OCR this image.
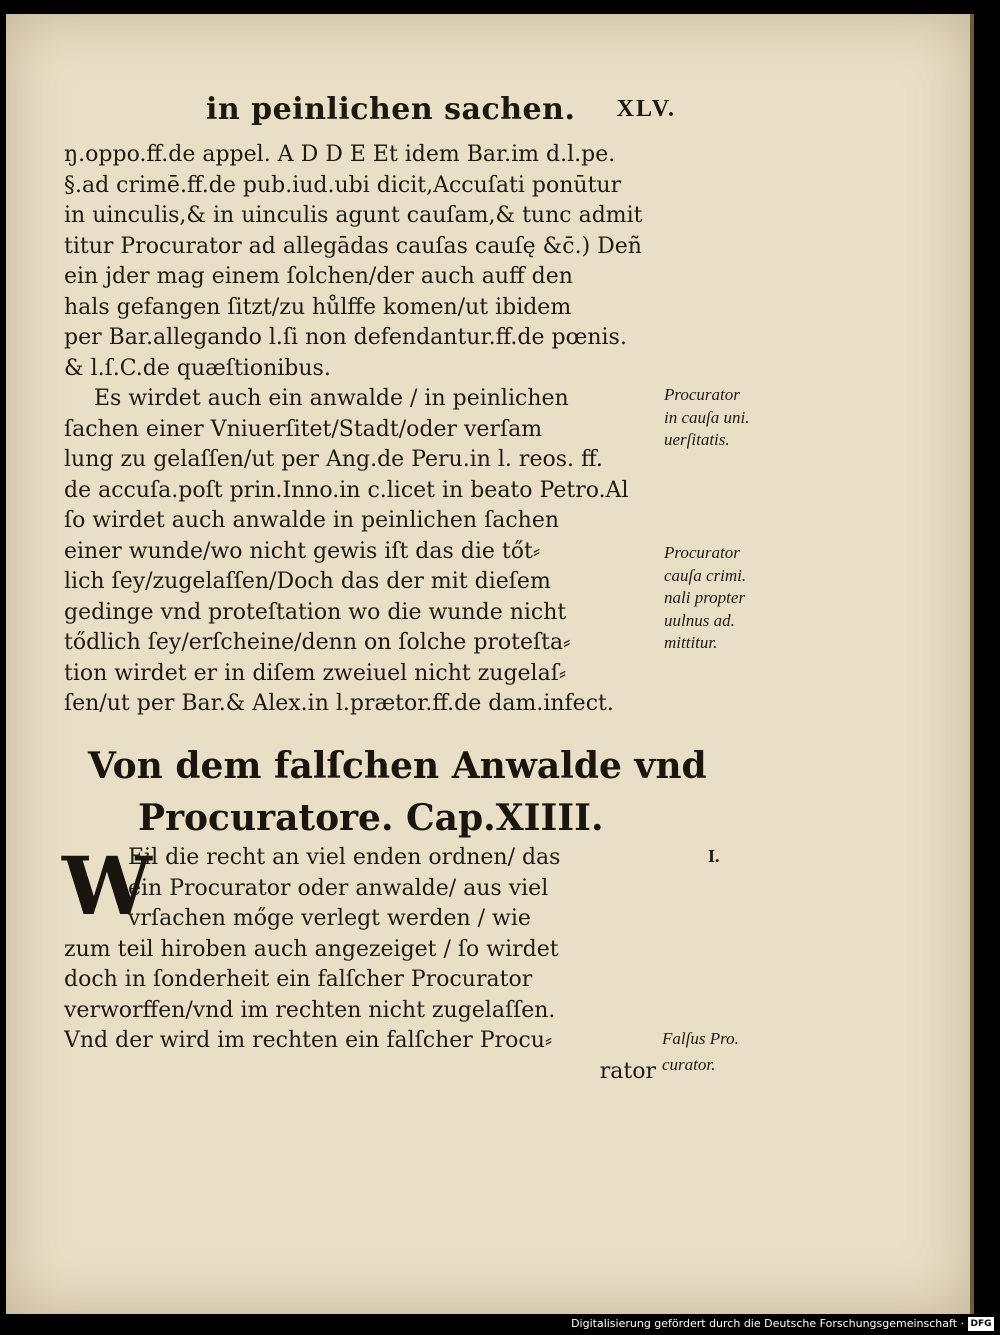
in peinlichen sachen. XLV.
ŋ.oppo.ff.de appel. A D D E Et idem Bar.im d.l.pe.
§.ad crimē.ff.de pub.iud.ubi dicit,Accuſati ponūtur
in uinculis,& in uinculis agunt cauſam,& tunc admit
titur Procurator ad allegādas cauſas cauſę &c̄.) Deñ
ein jder mag einem ſolchen/der auch auff den
hals gefangen ſitzt/zu hůlffe komen/ut ibidem
per Bar.allegando l.ſi non defendantur.ff.de pœnis.
& l.ſ.C.de quæſtionibus.
Es wirdet auch ein anwalde / in peinlichen
ſachen einer Vniuerſitet/Stadt/oder verſam
lung zu gelaſſen/ut per Ang.de Peru.in l. reos. ff.
de accuſa.poſt prin.Inno.in c.licet in beato Petro.Al
ſo wirdet auch anwalde in peinlichen ſachen
einer wunde/wo nicht gewis iſt das die tőt⸗
lich ſey/zugelaſſen/Doch das der mit dieſem
gedinge vnd proteſtation wo die wunde nicht
tődlich ſey/erſcheine/denn on ſolche proteſta⸗
tion wirdet er in diſem zweiuel nicht zugelaſ⸗
ſen/ut per Bar.& Alex.in l.prætor.ff.de dam.infect.
Procurator
in cauſa uni.
uerſitatis.
Procurator
cauſa crimi.
nali propter
uulnus ad.
mittitur.
Von dem falſchen Anwalde vnd
Procuratore. Cap.XIIII.
W
Eil die recht an viel enden ordnen/ das
ein Procurator oder anwalde/ aus viel
vrſachen mőge verlegt werden / wie
zum teil hiroben auch angezeiget / ſo wirdet
doch in ſonderheit ein falſcher Procurator
verworffen/vnd im rechten nicht zugelaſſen.
Vnd der wird im rechten ein falſcher Procu⸗
rator
I.
Falſus Pro.
curator.
Digitalisierung gefördert durch die Deutsche Forschungsgemeinschaft · DFG
